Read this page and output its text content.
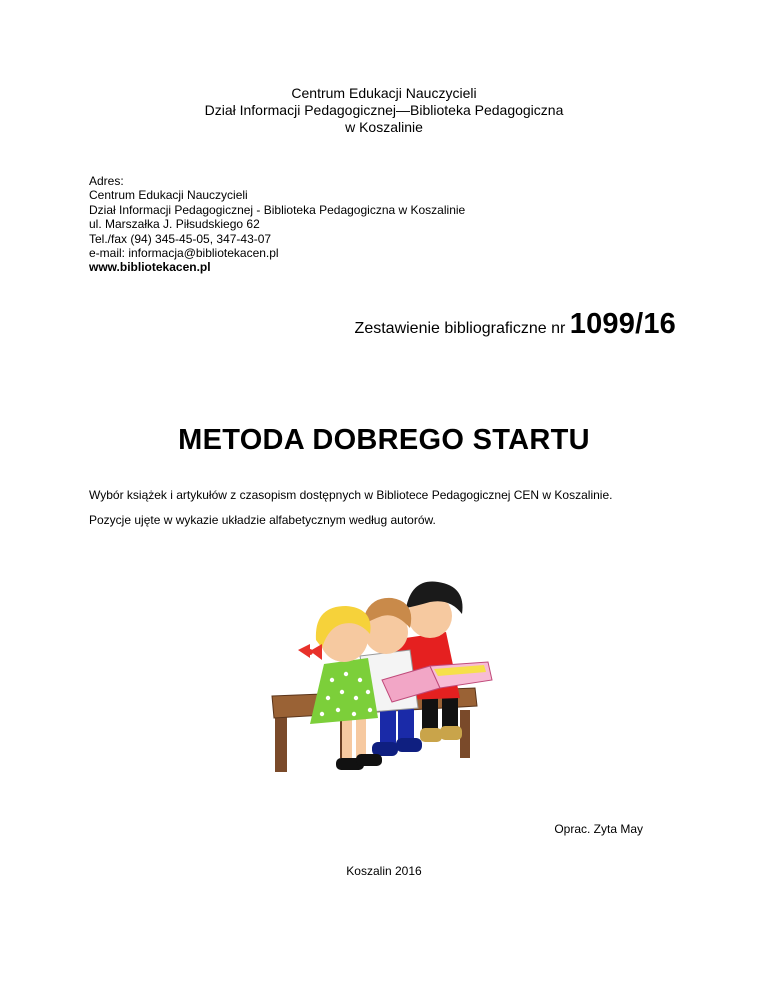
Centrum Edukacji Nauczycieli
Dział Informacji Pedagogicznej—Biblioteka Pedagogiczna
w Koszalinie
Adres:
Centrum Edukacji Nauczycieli
Dział Informacji Pedagogicznej - Biblioteka Pedagogiczna w Koszalinie
ul. Marszałka J. Piłsudskiego 62
Tel./fax (94) 345-45-05, 347-43-07
e-mail: informacja@bibliotekacen.pl
www.bibliotekacen.pl
Zestawienie bibliograficzne nr 1099/16
METODA DOBREGO STARTU
Wybór książek i artykułów z czasopism dostępnych w Bibliotece Pedagogicznej CEN w Koszalinie.
Pozycje ujęte w wykazie układzie alfabetycznym według autorów.
Oprac. Zyta May
Koszalin 2016
